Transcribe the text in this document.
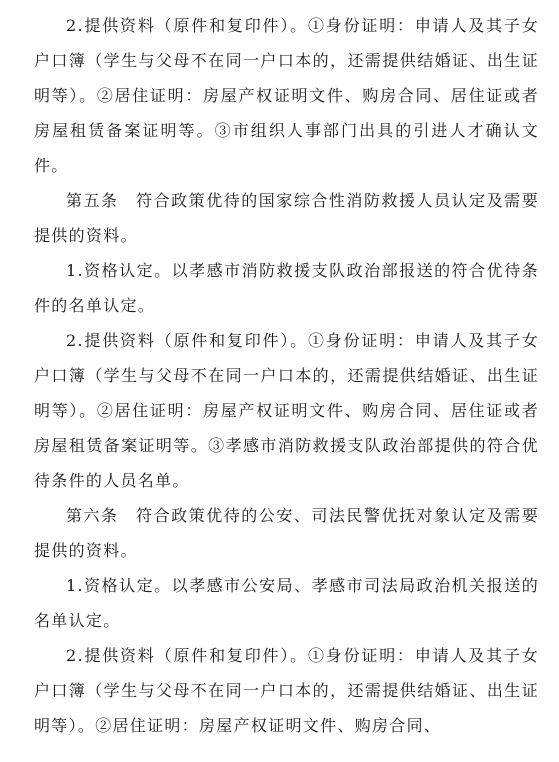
2.提供资料（原件和复印件）。①身份证明：申请人及其子女户口簿（学生与父母不在同一户口本的，还需提供结婚证、出生证明等）。②居住证明：房屋产权证明文件、购房合同、居住证或者房屋租赁备案证明等。③市组织人事部门出具的引进人才确认文件。

第五条　符合政策优待的国家综合性消防救援人员认定及需要提供的资料。

1.资格认定。以孝感市消防救援支队政治部报送的符合优待条件的名单认定。

2.提供资料（原件和复印件）。①身份证明：申请人及其子女户口簿（学生与父母不在同一户口本的，还需提供结婚证、出生证明等）。②居住证明：房屋产权证明文件、购房合同、居住证或者房屋租赁备案证明等。③孝感市消防救援支队政治部提供的符合优待条件的人员名单。

第六条　符合政策优待的公安、司法民警优抚对象认定及需要提供的资料。

1.资格认定。以孝感市公安局、孝感市司法局政治机关报送的名单认定。

2.提供资料（原件和复印件）。①身份证明：申请人及其子女户口簿（学生与父母不在同一户口本的，还需提供结婚证、出生证明等）。②居住证明：房屋产权证明文件、购房合同、
